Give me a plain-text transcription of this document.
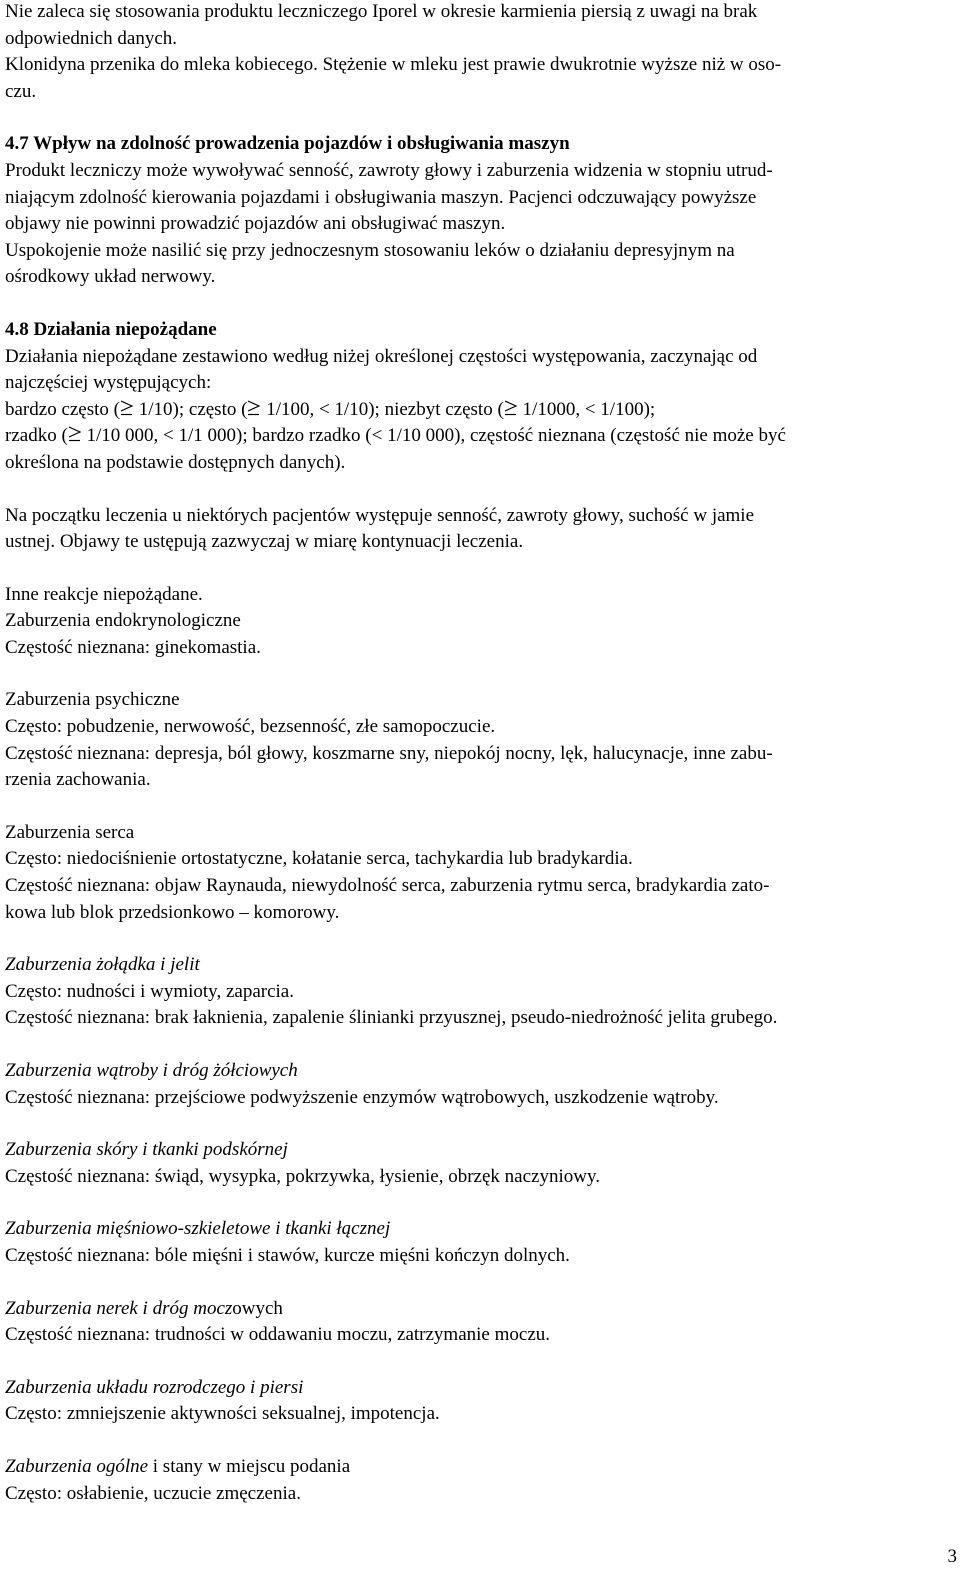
Nie zaleca się stosowania produktu leczniczego Iporel w okresie karmienia piersią z uwagi na brak
odpowiednich danych.
Klonidyna przenika do mleka kobiecego. Stężenie w mleku jest prawie dwukrotnie wyższe niż w oso-
czu.
4.7 Wpływ na zdolność prowadzenia pojazdów i obsługiwania maszyn
Produkt leczniczy może wywoływać senność, zawroty głowy i zaburzenia widzenia w stopniu utrud-
niającym zdolność kierowania pojazdami i obsługiwania maszyn. Pacjenci odczuwający powyższe
objawy nie powinni prowadzić pojazdów ani obsługiwać maszyn.
Uspokojenie może nasilić się przy jednoczesnym stosowaniu leków o działaniu depresyjnym na
ośrodkowy układ nerwowy.
4.8 Działania niepożądane
Działania niepożądane zestawiono według niżej określonej częstości występowania, zaczynając od
najczęściej występujących:
bardzo często (
1/10); często (
1/100, < 1/10); niezbyt często (
1/1000, < 1/100);
rzadko (
1/10 000, < 1/1 000); bardzo rzadko (< 1/10 000), częstość nieznana (częstość nie może być
określona na podstawie dostępnych danych).
Na początku leczenia u niektórych pacjentów występuje senność, zawroty głowy, suchość w jamie
ustnej. Objawy te ustępują zazwyczaj w miarę kontynuacji leczenia.
Inne reakcje niepożądane.
Zaburzenia endokrynologiczne
Częstość nieznana: ginekomastia.
Zaburzenia psychiczne
Często: pobudzenie, nerwowość, bezsenność, złe samopoczucie.
Częstość nieznana: depresja, ból głowy, koszmarne sny, niepokój nocny, lęk, halucynacje, inne zabu-
rzenia zachowania.
Zaburzenia serca
Często: niedociśnienie ortostatyczne, kołatanie serca, tachykardia lub bradykardia.
Częstość nieznana: objaw Raynauda, niewydolność serca, zaburzenia rytmu serca, bradykardia zato-
kowa lub blok przedsionkowo – komorowy.
Zaburzenia żołądka i jelit
Często: nudności i wymioty, zaparcia.
Częstość nieznana: brak łaknienia, zapalenie ślinianki przyusznej, pseudo-niedrożność jelita grubego.
Zaburzenia wątroby i dróg żółciowych
Częstość nieznana: przejściowe podwyższenie enzymów wątrobowych, uszkodzenie wątroby.
Zaburzenia skóry i tkanki podskórnej
Częstość nieznana: świąd, wysypka, pokrzywka, łysienie, obrzęk naczyniowy.
Zaburzenia mięśniowo-szkieletowe i tkanki łącznej
Częstość nieznana: bóle mięśni i stawów, kurcze mięśni kończyn dolnych.
Zaburzenia nerek i dróg moczowych
Częstość nieznana: trudności w oddawaniu moczu, zatrzymanie moczu.
Zaburzenia układu rozrodczego i piersi
Często: zmniejszenie aktywności seksualnej, impotencja.
Zaburzenia ogólne i stany w miejscu podania
Często: osłabienie, uczucie zmęczenia.
3
